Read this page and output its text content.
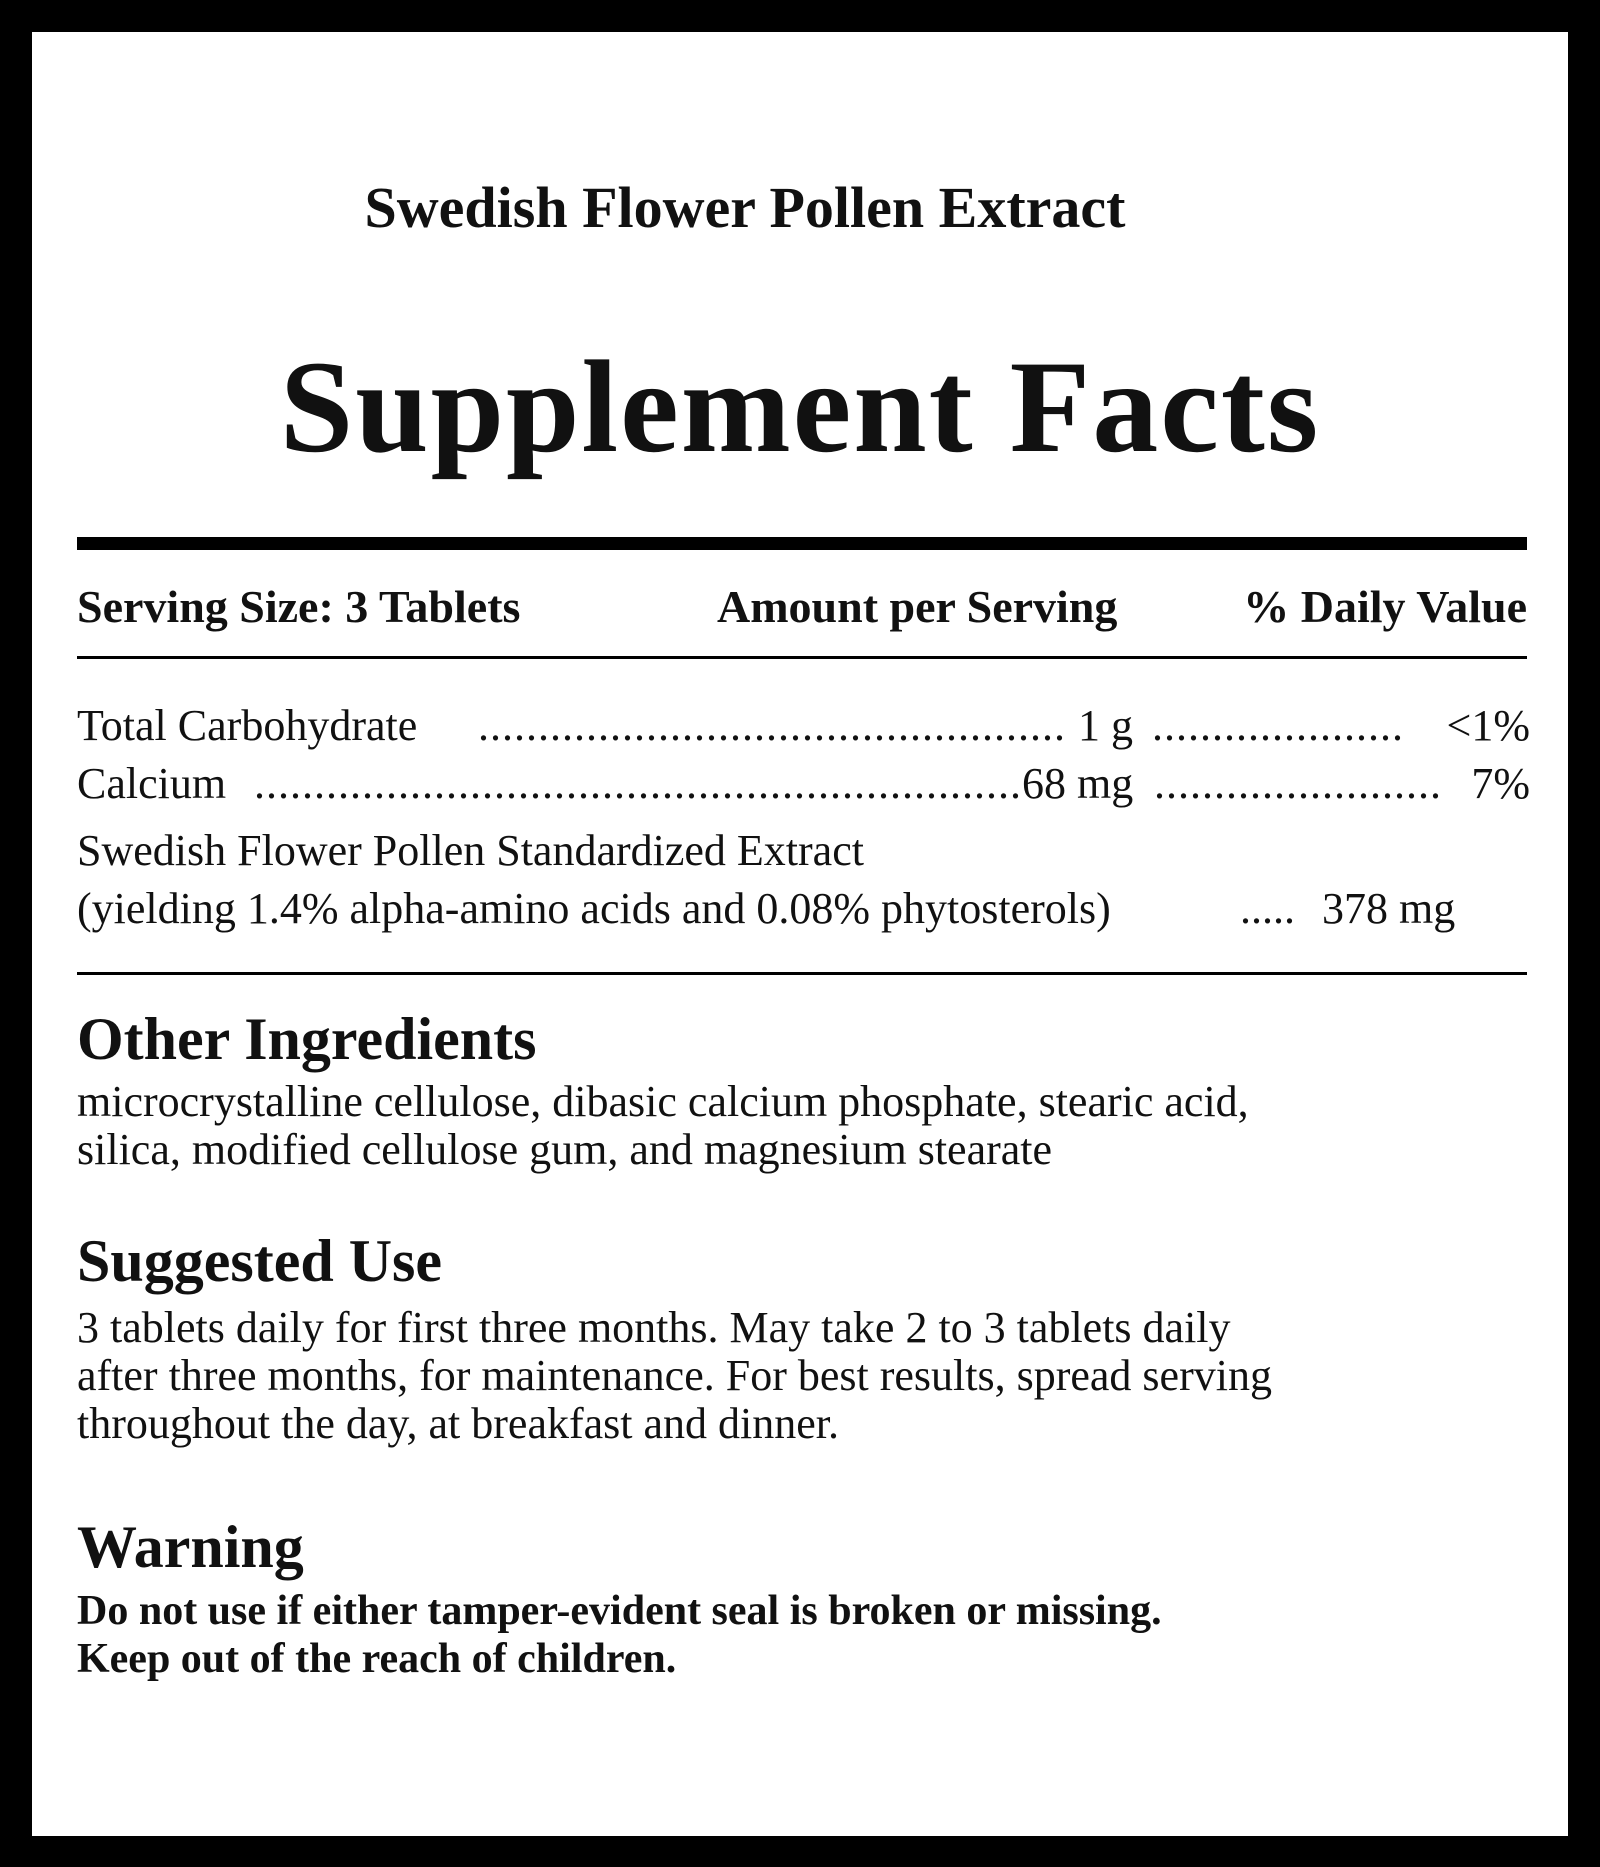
Swedish Flower Pollen Extract
Supplement Facts
Serving Size: 3 Tablets	Amount per Serving	% Daily Value
Total Carbohydrate .....	1 g .....	<1%
Calcium .....	68 mg .....	7%
Swedish Flower Pollen Standardized Extract
(yielding 1.4% alpha-amino acids and 0.08% phytosterols)	..... 378 mg
Other Ingredients
microcrystalline cellulose, dibasic calcium phosphate, stearic acid,
silica, modified cellulose gum, and magnesium stearate
Suggested Use
3 tablets daily for first three months. May take 2 to 3 tablets daily
after three months, for maintenance. For best results, spread serving
throughout the day, at breakfast and dinner.
Warning
Do not use if either tamper-evident seal is broken or missing.
Keep out of the reach of children.
